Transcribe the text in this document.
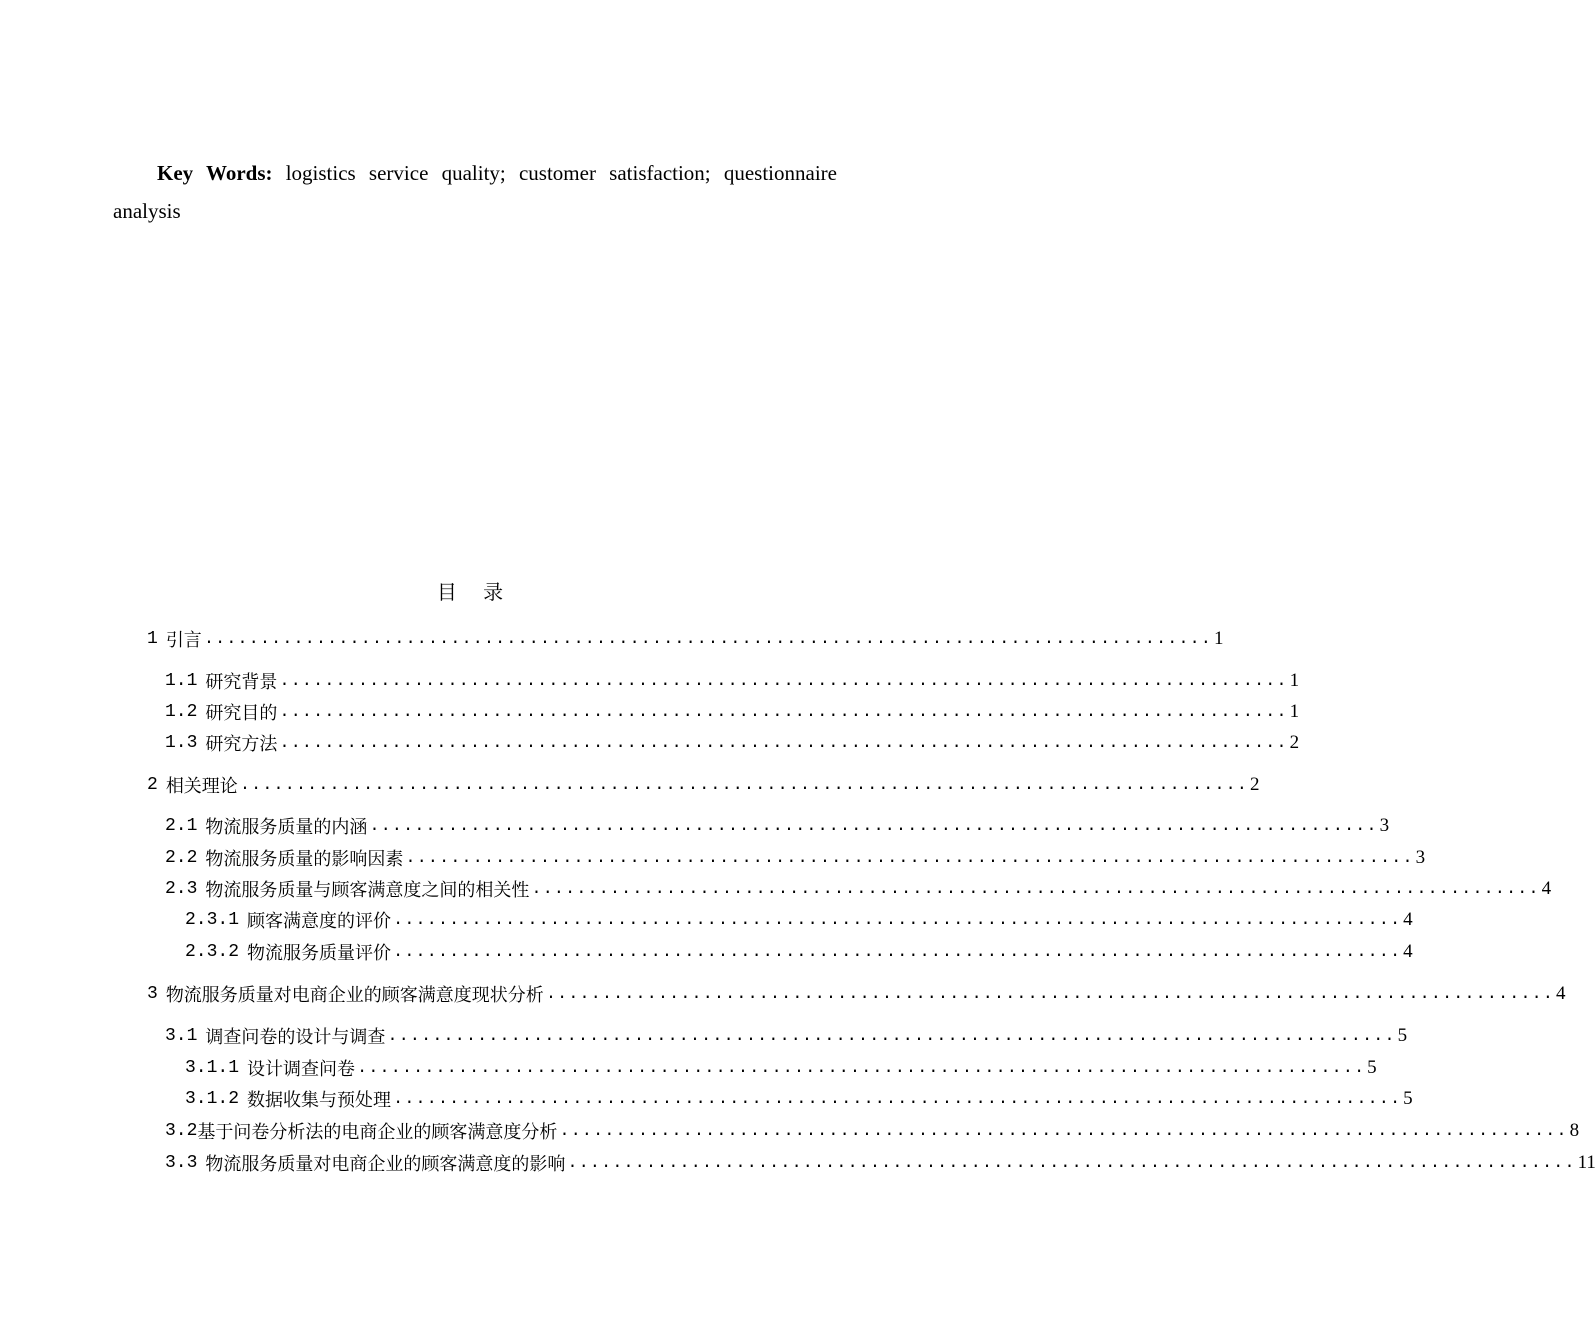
Key Words: logistics service quality; customer satisfaction; questionnaire analysis

目 录
1 引言 .......................................................................................... 1
1.1 研究背景 .......................................................................................... 1
1.2 研究目的 .......................................................................................... 1
1.3 研究方法 .......................................................................................... 2
2 相关理论 .......................................................................................... 2
2.1 物流服务质量的内涵 .......................................................................................... 3
2.2 物流服务质量的影响因素 .......................................................................................... 3
2.3 物流服务质量与顾客满意度之间的相关性 .......................................................................................... 4
2.3.1 顾客满意度的评价 .......................................................................................... 4
2.3.2 物流服务质量评价 .......................................................................................... 4
3 物流服务质量对电商企业的顾客满意度现状分析 .......................................................................................... 4
3.1 调查问卷的设计与调查 .......................................................................................... 5
3.1.1 设计调查问卷 .......................................................................................... 5
3.1.2 数据收集与预处理 .......................................................................................... 5
3.2 基于问卷分析法的电商企业的顾客满意度分析 .......................................................................................... 8
3.3 物流服务质量对电商企业的顾客满意度的影响 .......................................................................................... 11
